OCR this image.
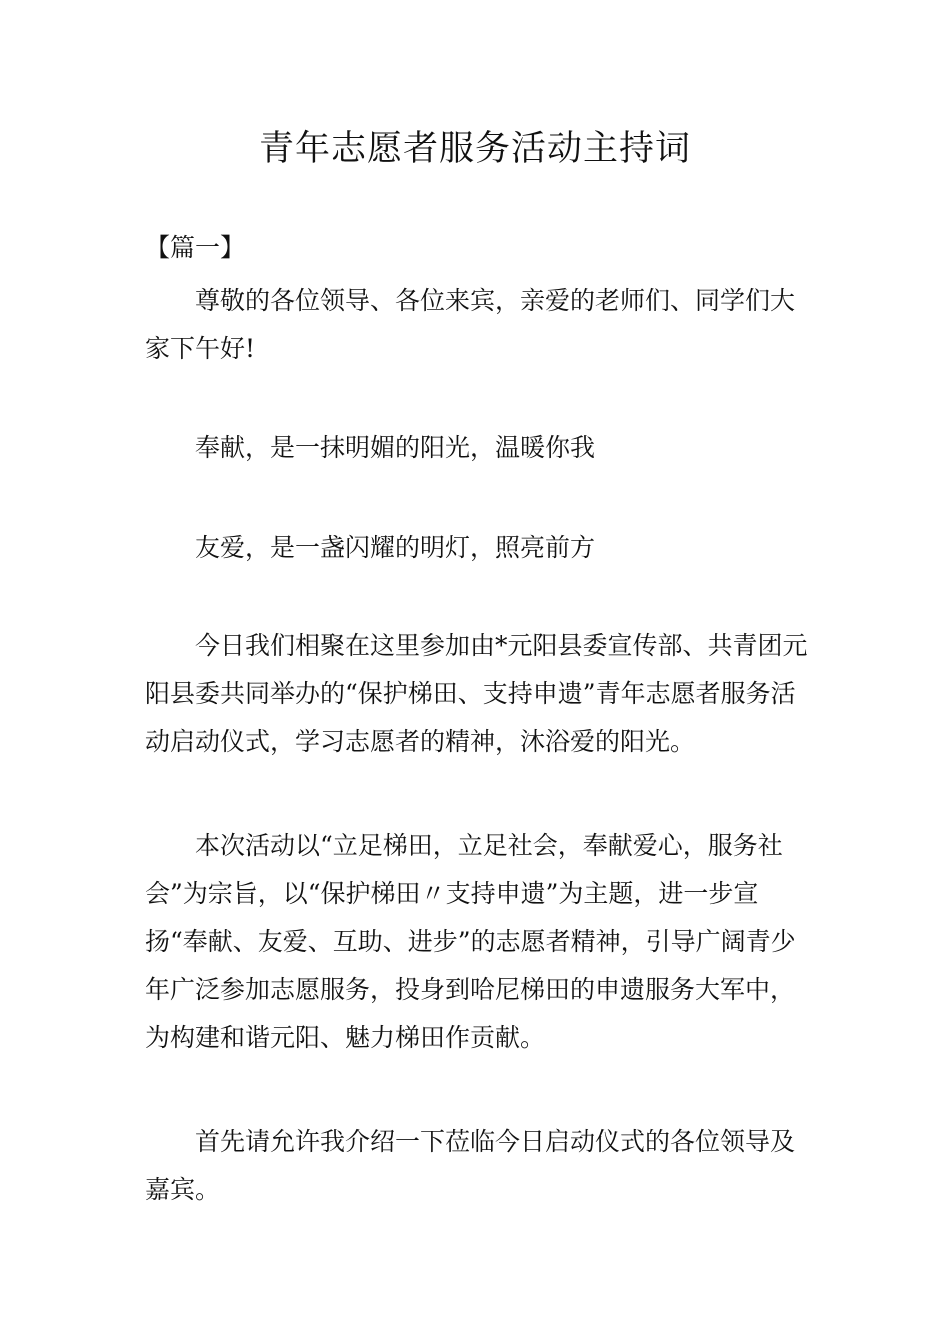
青年志愿者服务活动主持词

【篇一】

尊敬的各位领导、各位来宾，亲爱的老师们、同学们大家下午好!

奉献，是一抹明媚的阳光，温暖你我

友爱，是一盏闪耀的明灯，照亮前方

今日我们相聚在这里参加由*元阳县委宣传部、共青团元阳县委共同举办的“保护梯田、支持申遗”青年志愿者服务活动启动仪式，学习志愿者的精神，沐浴爱的阳光。

本次活动以“立足梯田，立足社会，奉献爱心，服务社会”为宗旨，以“保护梯田〃支持申遗”为主题，进一步宣扬“奉献、友爱、互助、进步”的志愿者精神，引导广阔青少年广泛参加志愿服务，投身到哈尼梯田的申遗服务大军中，为构建和谐元阳、魅力梯田作贡献。

首先请允许我介绍一下莅临今日启动仪式的各位领导及嘉宾。
